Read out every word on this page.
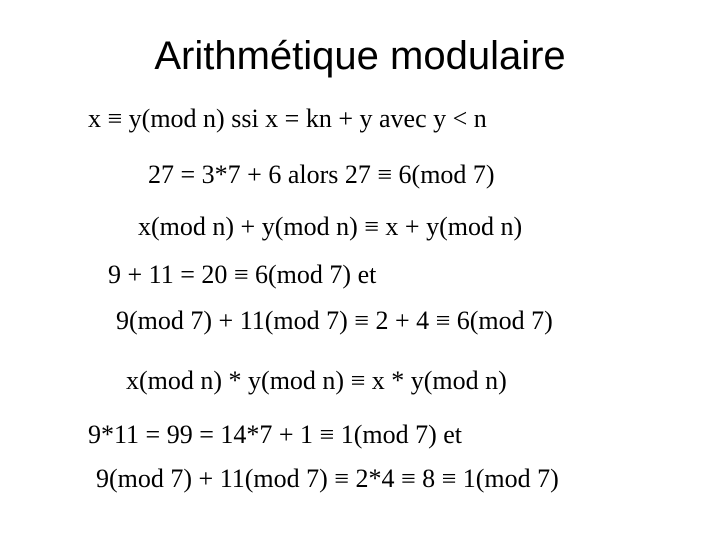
Arithmétique modulaire
x ≡ y(mod n) ssi x = kn + y avec y < n
27 = 3*7 + 6 alors 27 ≡ 6(mod 7)
x(mod n) + y(mod n) ≡ x + y(mod n)
9 + 11 = 20 ≡ 6(mod 7) et
9(mod 7) + 11(mod 7) ≡ 2 + 4 ≡ 6(mod 7)
x(mod n) * y(mod n) ≡ x * y(mod n)
9*11 = 99 = 14*7 + 1 ≡ 1(mod 7) et
9(mod 7) + 11(mod 7) ≡ 2*4 ≡ 8 ≡ 1(mod 7)
